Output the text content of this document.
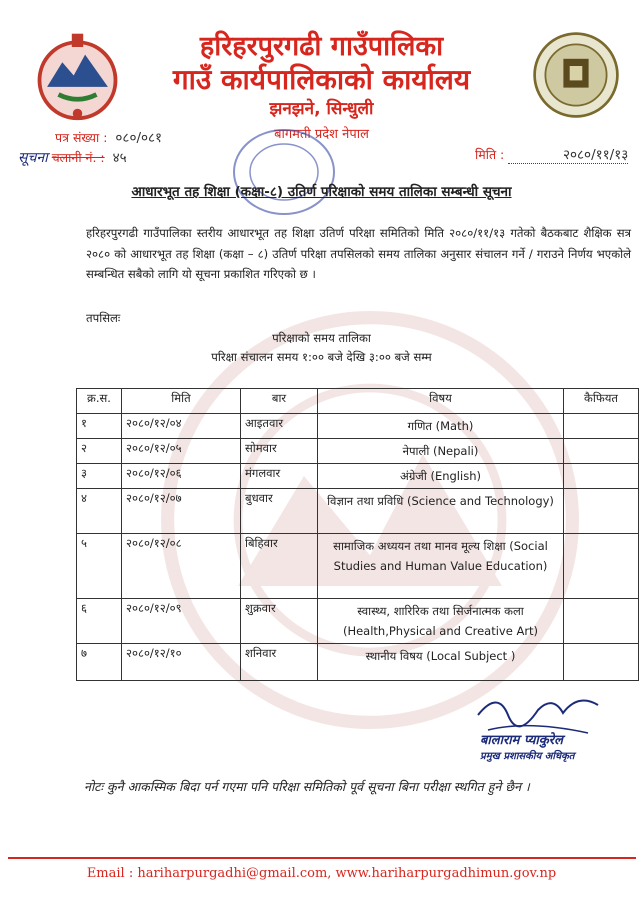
हरिहरपुरगढी गाउँपालिका
गाउँ कार्यपालिकाको कार्यालय
झनझने, सिन्धुली
बागमती प्रदेश नेपाल
पत्र संख्या : ०८०/०८१
सूचना चलानी नं. : ४५	मिति :	२०८०/११/१३
आधारभूत तह शिक्षा (कक्षा-८) उतिर्ण परिक्षाको समय तालिका सम्बन्धी सूचना
हरिहरपुरगढी गाउँपालिका स्तरीय आधारभूत तह शिक्षा उतिर्ण परिक्षा समितिको मिति २०८०/११/१३ गतेको बैठकबाट शैक्षिक सत्र २०८० को आधारभूत तह शिक्षा (कक्षा – ८) उतिर्ण परिक्षा तपसिलको समय तालिका अनुसार संचालन गर्ने / गराउने निर्णय भएकोले सम्बन्धित सबैको लागि यो सूचना प्रकाशित गरिएको छ ।
तपसिलः
परिक्षाको समय तालिका
परिक्षा संचालन समय १:०० बजे देखि ३:०० बजे सम्म
क्र.स.	मिति	बार	विषय	कैफियत
१	२०८०/१२/०४	आइतवार	गणित (Math)	
२	२०८०/१२/०५	सोमवार	नेपाली (Nepali)	
३	२०८०/१२/०६	मंगलवार	अंग्रेजी (English)	
४	२०८०/१२/०७	बुधवार	विज्ञान तथा प्रविधि (Science and Technology)	
५	२०८०/१२/०८	बिहिवार	सामाजिक अध्ययन तथा मानव मूल्य शिक्षा (Social Studies and Human Value Education)	
६	२०८०/१२/०९	शुक्रवार	स्वास्थ्य, शारिरिक तथा सिर्जनात्मक कला (Health,Physical and Creative Art)	
७	२०८०/१२/१०	शनिवार	स्थानीय विषय (Local Subject )	
बालाराम प्याकुरेल
प्रमुख प्रशासकीय अधिकृत
नोटः कुनै आकस्मिक बिदा पर्न गएमा पनि परिक्षा समितिको पूर्व सूचना बिना परीक्षा स्थगित हुने छैन ।
Email : hariharpurgadhi@gmail.com, www.hariharpurgadhimun.gov.np
